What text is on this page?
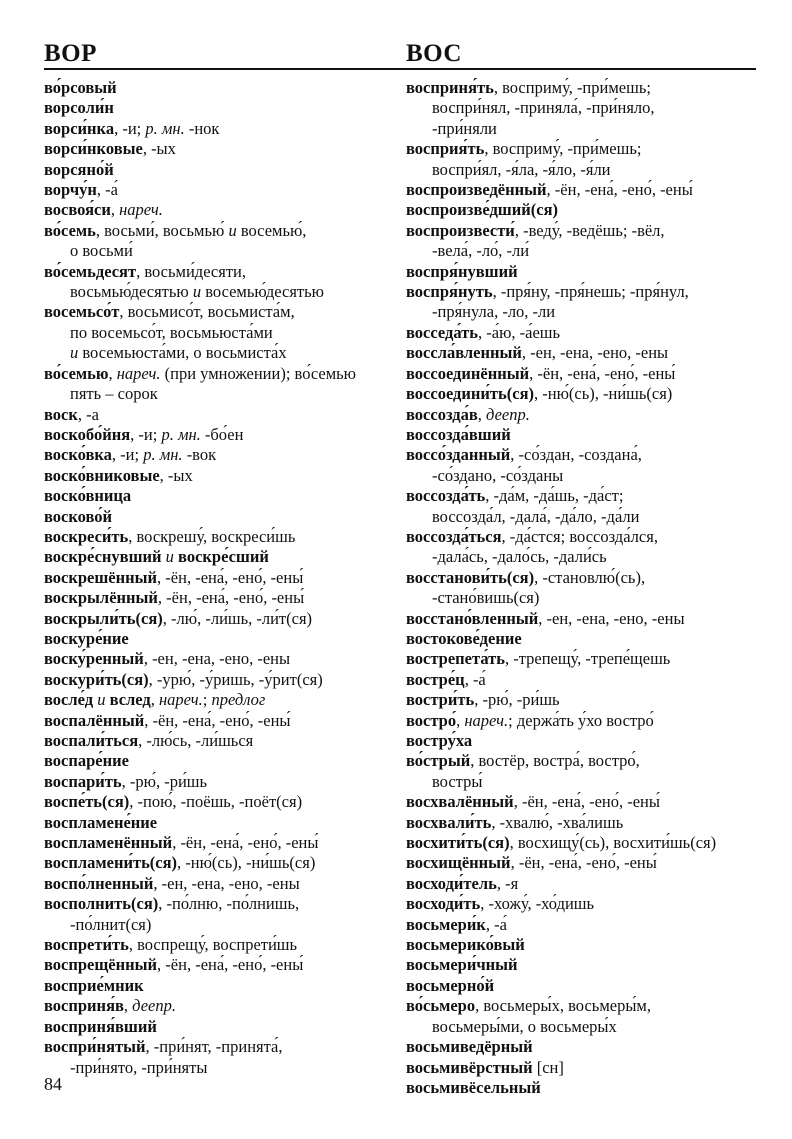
ВОР	ВОС
во́рсовый
ворсоли́н
ворси́нка, -и; р. мн. -нок
ворси́нковые, -ых
ворсяно́й
ворчу́н, -а́
восвоя́си, нареч.
во́семь, восьми́, восьмью́ и восемью́,
о восьми́
во́семьдесят, восьми́десяти,
восьмью́десятью и восемью́десятью
восемьсо́т, восьмисо́т, восьмиста́м,
по восемьсо́т, восьмьюста́ми
и восемьюста́ми, о восьмиста́х
во́семью, нареч. (при умножении); во́семью
пять – сорок
воск, -а
воскобо́йня, -и; р. мн. -бо́ен
воско́вка, -и; р. мн. -вок
воско́вниковые, -ых
воско́вница
восково́й
воскреси́ть, воскрешу́, воскреси́шь
воскре́снувший и воскре́сший
воскрешённый, -ён, -ена́, -ено́, -ены́
воскрылённый, -ён, -ена́, -ено́, -ены́
воскрыли́ть(ся), -лю́, -ли́шь, -ли́т(ся)
воскуре́ние
воску́ренный, -ен, -ена, -ено, -ены
воскури́ть(ся), -урю́, -у́ришь, -у́рит(ся)
восле́д и вслед, нареч.; предлог
воспалённый, -ён, -ена́, -ено́, -ены́
воспали́ться, -лю́сь, -ли́шься
воспаре́ние
воспари́ть, -рю́, -ри́шь
воспе́ть(ся), -пою́, -поёшь, -поёт(ся)
воспламене́ние
воспламенённый, -ён, -ена́, -ено́, -ены́
воспламени́ть(ся), -ню́(сь), -ни́шь(ся)
воспо́лненный, -ен, -ена, -ено, -ены
восполнить(ся), -по́лню, -по́лнишь,
-по́лнит(ся)
воспрети́ть, воспрещу́, воспрети́шь
воспрещённый, -ён, -ена́, -ено́, -ены́
восприе́мник
восприня́в, деепр.
восприня́вший
воспри́нятый, -при́нят, -принята́,
-при́нято, -при́няты
восприня́ть, восприму́, -при́мешь;
воспри́нял, -приняла́, -при́няло,
-при́няли
восприя́ть, восприму́, -при́мешь;
воспри́ял, -я́ла, -я́ло, -я́ли
воспроизведённый, -ён, -ена́, -ено́, -ены́
воспроизве́дший(ся)
воспроизвести́, -веду́, -ведёшь; -вёл,
-вела́, -ло́, -ли́
воспря́нувший
воспря́нуть, -пря́ну, -пря́нешь; -пря́нул,
-пря́нула, -ло, -ли
восседа́ть, -а́ю, -а́ешь
воссла́вленный, -ен, -ена, -ено, -ены
воссоединённый, -ён, -ена́, -ено́, -ены́
воссоедини́ть(ся), -ню́(сь), -ни́шь(ся)
воссозда́в, деепр.
воссозда́вший
воссо́зданный, -со́здан, -создана́,
-со́здано, -со́зданы
воссозда́ть, -да́м, -да́шь, -да́ст;
воссозда́л, -дала́, -да́ло, -да́ли
воссозда́ться, -да́стся; воссозда́лся,
-дала́сь, -дало́сь, -дали́сь
восстанови́ть(ся), -становлю́(сь),
-стано́вишь(ся)
восстано́вленный, -ен, -ена, -ено, -ены
востокове́дение
вострепета́ть, -трепещу́, -трепе́щешь
востре́ц, -а́
востри́ть, -рю́, -ри́шь
востро́, нареч.; держа́ть у́хо востро́
востру́ха
во́стрый, востёр, востра́, востро́,
востры́
восхвалённый, -ён, -ена́, -ено́, -ены́
восхвали́ть, -хвалю́, -хва́лишь
восхити́ть(ся), восхищу́(сь), восхити́шь(ся)
восхищённый, -ён, -ена́, -ено́, -ены́
восходи́тель, -я
восходи́ть, -хожу́, -хо́дишь
восьмери́к, -а́
восьмерико́вый
восьмери́чный
восьмерно́й
во́сьмеро, восьмеры́х, восьмеры́м,
восьмеры́ми, о восьмеры́х
восьмиведёрный
восьмивёрстный [сн]
восьмивёсельный
84
